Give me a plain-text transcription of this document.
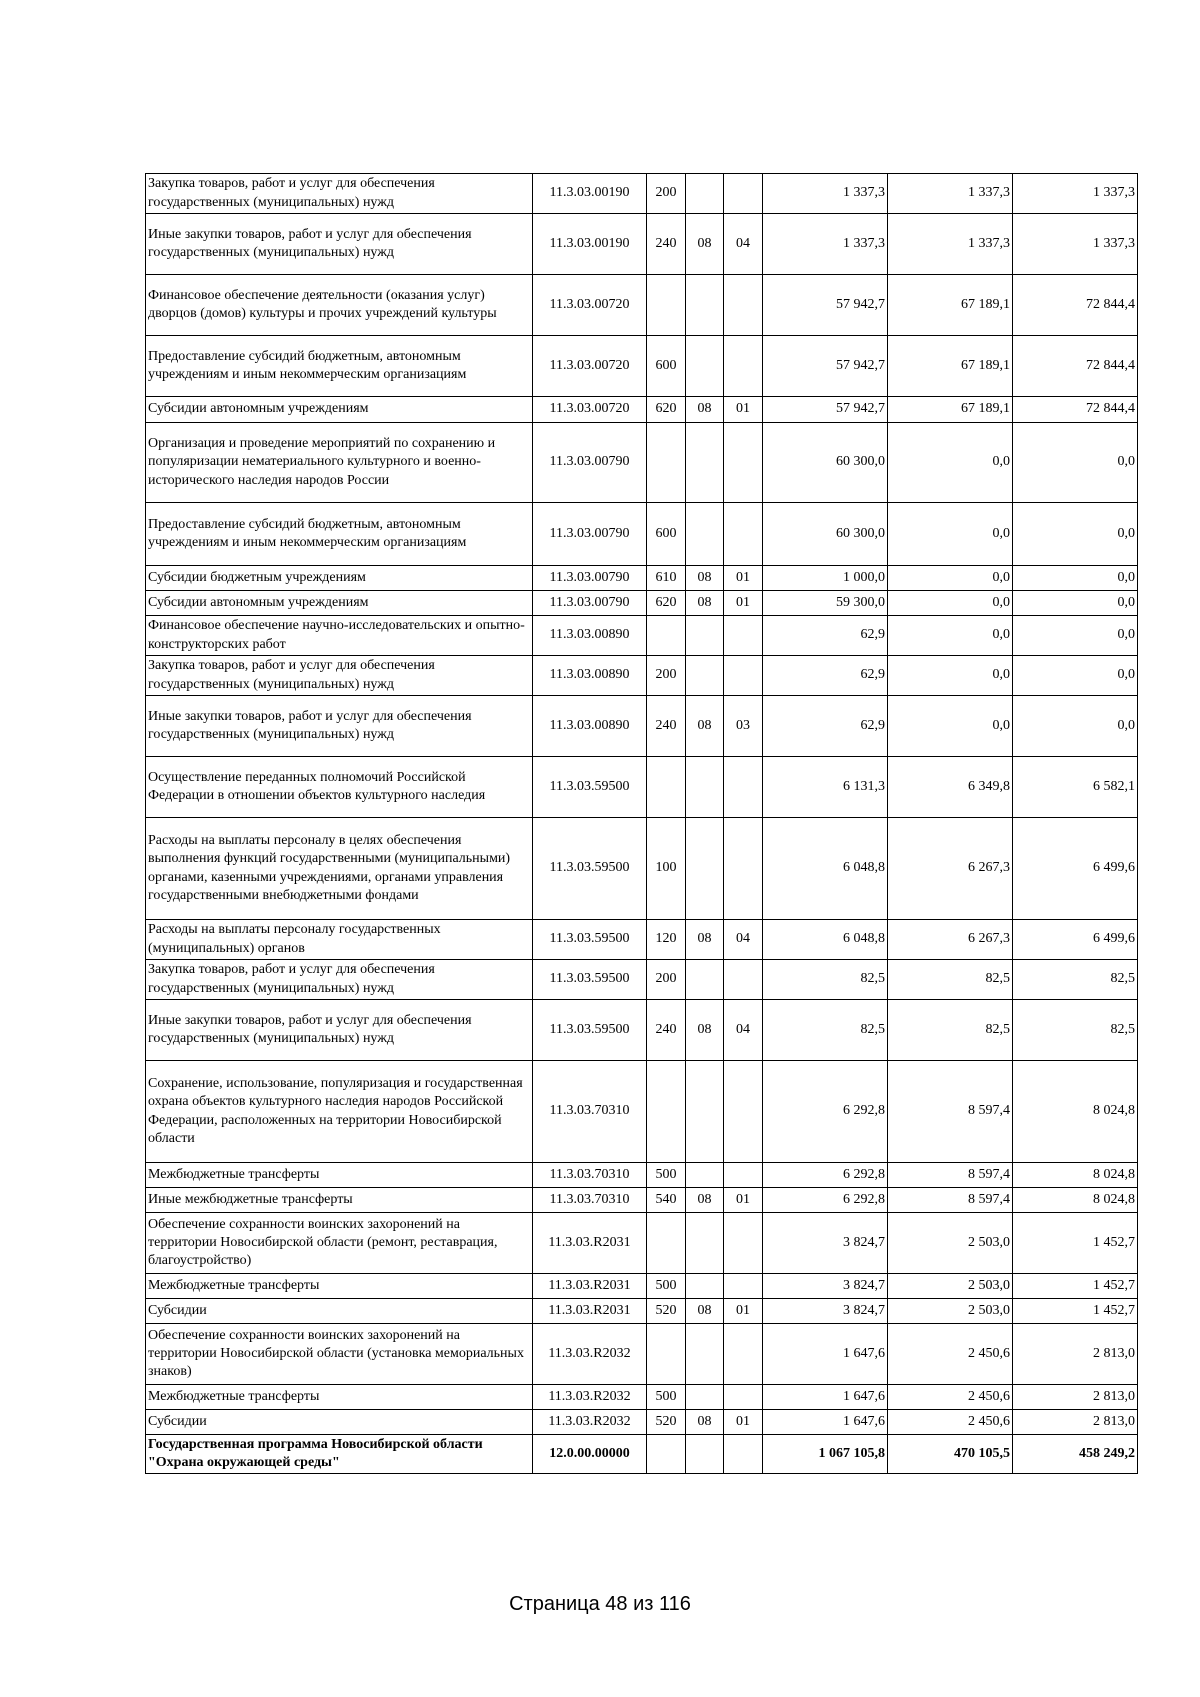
Закупка товаров, работ и услуг для обеспечения государственных (муниципальных) нужд	11.3.03.00190	200			1 337,3	1 337,3	1 337,3
Иные закупки товаров, работ и услуг для обеспечения государственных (муниципальных) нужд	11.3.03.00190	240	08	04	1 337,3	1 337,3	1 337,3
Финансовое обеспечение деятельности (оказания услуг) дворцов (домов) культуры и прочих учреждений культуры	11.3.03.00720				57 942,7	67 189,1	72 844,4
Предоставление субсидий бюджетным, автономным учреждениям и иным некоммерческим организациям	11.3.03.00720	600			57 942,7	67 189,1	72 844,4
Субсидии автономным учреждениям	11.3.03.00720	620	08	01	57 942,7	67 189,1	72 844,4
Организация и проведение мероприятий по сохранению и популяризации нематериального культурного и военно-исторического наследия народов России	11.3.03.00790				60 300,0	0,0	0,0
Предоставление субсидий бюджетным, автономным учреждениям и иным некоммерческим организациям	11.3.03.00790	600			60 300,0	0,0	0,0
Субсидии бюджетным учреждениям	11.3.03.00790	610	08	01	1 000,0	0,0	0,0
Субсидии автономным учреждениям	11.3.03.00790	620	08	01	59 300,0	0,0	0,0
Финансовое обеспечение научно-исследовательских и опытно-конструкторских работ	11.3.03.00890				62,9	0,0	0,0
Закупка товаров, работ и услуг для обеспечения государственных (муниципальных) нужд	11.3.03.00890	200			62,9	0,0	0,0
Иные закупки товаров, работ и услуг для обеспечения государственных (муниципальных) нужд	11.3.03.00890	240	08	03	62,9	0,0	0,0
Осуществление переданных полномочий Российской Федерации в отношении объектов культурного наследия	11.3.03.59500				6 131,3	6 349,8	6 582,1
Расходы на выплаты персоналу в целях обеспечения выполнения функций государственными (муниципальными) органами, казенными учреждениями, органами управления государственными внебюджетными фондами	11.3.03.59500	100			6 048,8	6 267,3	6 499,6
Расходы на выплаты персоналу государственных (муниципальных) органов	11.3.03.59500	120	08	04	6 048,8	6 267,3	6 499,6
Закупка товаров, работ и услуг для обеспечения государственных (муниципальных) нужд	11.3.03.59500	200			82,5	82,5	82,5
Иные закупки товаров, работ и услуг для обеспечения государственных (муниципальных) нужд	11.3.03.59500	240	08	04	82,5	82,5	82,5
Сохранение, использование, популяризация и государственная охрана объектов культурного наследия народов Российской Федерации, расположенных на территории Новосибирской области	11.3.03.70310				6 292,8	8 597,4	8 024,8
Межбюджетные трансферты	11.3.03.70310	500			6 292,8	8 597,4	8 024,8
Иные межбюджетные трансферты	11.3.03.70310	540	08	01	6 292,8	8 597,4	8 024,8
Обеспечение сохранности воинских захоронений на территории Новосибирской области (ремонт, реставрация, благоустройство)	11.3.03.R2031				3 824,7	2 503,0	1 452,7
Межбюджетные трансферты	11.3.03.R2031	500			3 824,7	2 503,0	1 452,7
Субсидии	11.3.03.R2031	520	08	01	3 824,7	2 503,0	1 452,7
Обеспечение сохранности воинских захоронений на территории Новосибирской области (установка мемориальных знаков)	11.3.03.R2032				1 647,6	2 450,6	2 813,0
Межбюджетные трансферты	11.3.03.R2032	500			1 647,6	2 450,6	2 813,0
Субсидии	11.3.03.R2032	520	08	01	1 647,6	2 450,6	2 813,0
Государственная программа Новосибирской области "Охрана окружающей среды"	12.0.00.00000				1 067 105,8	470 105,5	458 249,2
Страница 48 из 116
